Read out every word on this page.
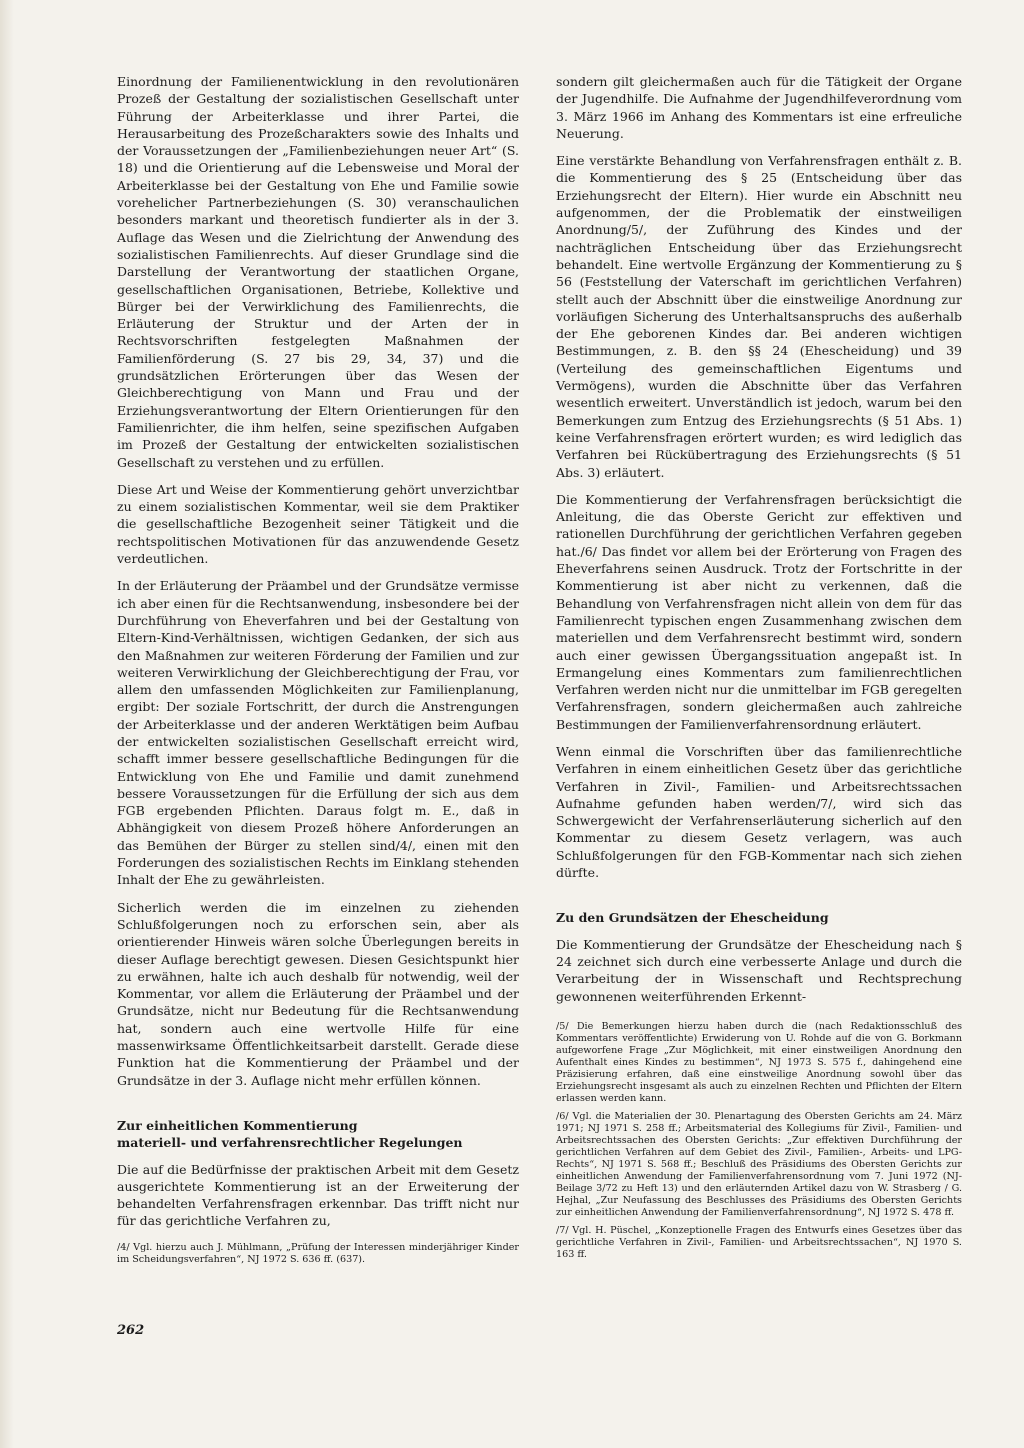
Einordnung der Familienentwicklung in den revolutionären Prozeß der Gestaltung der sozialistischen Gesellschaft unter Führung der Arbeiterklasse und ihrer Partei, die Herausarbeitung des Prozeßcharakters sowie des Inhalts und der Voraussetzungen der „Familienbeziehungen neuer Art“ (S. 18) und die Orientierung auf die Lebensweise und Moral der Arbeiterklasse bei der Gestaltung von Ehe und Familie sowie vorehelicher Partnerbeziehungen (S. 30) veranschaulichen besonders markant und theoretisch fundierter als in der 3. Auflage das Wesen und die Zielrichtung der Anwendung des sozialistischen Familienrechts. Auf dieser Grundlage sind die Darstellung der Verantwortung der staatlichen Organe, gesellschaftlichen Organisationen, Betriebe, Kollektive und Bürger bei der Verwirklichung des Familienrechts, die Erläuterung der Struktur und der Arten der in Rechtsvorschriften festgelegten Maßnahmen der Familienförderung (S. 27 bis 29, 34, 37) und die grundsätzlichen Erörterungen über das Wesen der Gleichberechtigung von Mann und Frau und der Erziehungsverantwortung der Eltern Orientierungen für den Familienrichter, die ihm helfen, seine spezifischen Aufgaben im Prozeß der Gestaltung der entwickelten sozialistischen Gesellschaft zu verstehen und zu erfüllen.

Diese Art und Weise der Kommentierung gehört unverzichtbar zu einem sozialistischen Kommentar, weil sie dem Praktiker die gesellschaftliche Bezogenheit seiner Tätigkeit und die rechtspolitischen Motivationen für das anzuwendende Gesetz verdeutlichen.

In der Erläuterung der Präambel und der Grundsätze vermisse ich aber einen für die Rechtsanwendung, insbesondere bei der Durchführung von Eheverfahren und bei der Gestaltung von Eltern-Kind-Verhältnissen, wichtigen Gedanken, der sich aus den Maßnahmen zur weiteren Förderung der Familien und zur weiteren Verwirklichung der Gleichberechtigung der Frau, vor allem den umfassenden Möglichkeiten zur Familienplanung, ergibt: Der soziale Fortschritt, der durch die Anstrengungen der Arbeiterklasse und der anderen Werktätigen beim Aufbau der entwickelten sozialistischen Gesellschaft erreicht wird, schafft immer bessere gesellschaftliche Bedingungen für die Entwicklung von Ehe und Familie und damit zunehmend bessere Voraussetzungen für die Erfüllung der sich aus dem FGB ergebenden Pflichten. Daraus folgt m. E., daß in Abhängigkeit von diesem Prozeß höhere Anforderungen an das Bemühen der Bürger zu stellen sind/4/, einen mit den Forderungen des sozialistischen Rechts im Einklang stehenden Inhalt der Ehe zu gewährleisten.

Sicherlich werden die im einzelnen zu ziehenden Schlußfolgerungen noch zu erforschen sein, aber als orientierender Hinweis wären solche Überlegungen bereits in dieser Auflage berechtigt gewesen. Diesen Gesichtspunkt hier zu erwähnen, halte ich auch deshalb für notwendig, weil der Kommentar, vor allem die Erläuterung der Präambel und der Grundsätze, nicht nur Bedeutung für die Rechtsanwendung hat, sondern auch eine wertvolle Hilfe für eine massenwirksame Öffentlichkeitsarbeit darstellt. Gerade diese Funktion hat die Kommentierung der Präambel und der Grundsätze in der 3. Auflage nicht mehr erfüllen können.

Zur einheitlichen Kommentierung
materiell- und verfahrensrechtlicher Regelungen

Die auf die Bedürfnisse der praktischen Arbeit mit dem Gesetz ausgerichtete Kommentierung ist an der Erweiterung der behandelten Verfahrensfragen erkennbar. Das trifft nicht nur für das gerichtliche Verfahren zu,

/4/ Vgl. hierzu auch J. Mühlmann, „Prüfung der Interessen minderjähriger Kinder im Scheidungsverfahren“, NJ 1972 S. 636 ff. (637).

sondern gilt gleichermaßen auch für die Tätigkeit der Organe der Jugendhilfe. Die Aufnahme der Jugendhilfeverordnung vom 3. März 1966 im Anhang des Kommentars ist eine erfreuliche Neuerung.

Eine verstärkte Behandlung von Verfahrensfragen enthält z. B. die Kommentierung des § 25 (Entscheidung über das Erziehungsrecht der Eltern). Hier wurde ein Abschnitt neu aufgenommen, der die Problematik der einstweiligen Anordnung/5/, der Zuführung des Kindes und der nachträglichen Entscheidung über das Erziehungsrecht behandelt. Eine wertvolle Ergänzung der Kommentierung zu § 56 (Feststellung der Vaterschaft im gerichtlichen Verfahren) stellt auch der Abschnitt über die einstweilige Anordnung zur vorläufigen Sicherung des Unterhaltsanspruchs des außerhalb der Ehe geborenen Kindes dar. Bei anderen wichtigen Bestimmungen, z. B. den §§ 24 (Ehescheidung) und 39 (Verteilung des gemeinschaftlichen Eigentums und Vermögens), wurden die Abschnitte über das Verfahren wesentlich erweitert. Unverständlich ist jedoch, warum bei den Bemerkungen zum Entzug des Erziehungsrechts (§ 51 Abs. 1) keine Verfahrensfragen erörtert wurden; es wird lediglich das Verfahren bei Rückübertragung des Erziehungsrechts (§ 51 Abs. 3) erläutert.

Die Kommentierung der Verfahrensfragen berücksichtigt die Anleitung, die das Oberste Gericht zur effektiven und rationellen Durchführung der gerichtlichen Verfahren gegeben hat./6/ Das findet vor allem bei der Erörterung von Fragen des Eheverfahrens seinen Ausdruck. Trotz der Fortschritte in der Kommentierung ist aber nicht zu verkennen, daß die Behandlung von Verfahrensfragen nicht allein von dem für das Familienrecht typischen engen Zusammenhang zwischen dem materiellen und dem Verfahrensrecht bestimmt wird, sondern auch einer gewissen Übergangssituation angepaßt ist. In Ermangelung eines Kommentars zum familienrechtlichen Verfahren werden nicht nur die unmittelbar im FGB geregelten Verfahrensfragen, sondern gleichermaßen auch zahlreiche Bestimmungen der Familienverfahrensordnung erläutert.

Wenn einmal die Vorschriften über das familienrechtliche Verfahren in einem einheitlichen Gesetz über das gerichtliche Verfahren in Zivil-, Familien- und Arbeitsrechtssachen Aufnahme gefunden haben werden/7/, wird sich das Schwergewicht der Verfahrenserläuterung sicherlich auf den Kommentar zu diesem Gesetz verlagern, was auch Schlußfolgerungen für den FGB-Kommentar nach sich ziehen dürfte.

Zu den Grundsätzen der Ehescheidung

Die Kommentierung der Grundsätze der Ehescheidung nach § 24 zeichnet sich durch eine verbesserte Anlage und durch die Verarbeitung der in Wissenschaft und Rechtsprechung gewonnenen weiterführenden Erkennt-

/5/ Die Bemerkungen hierzu haben durch die (nach Redaktionsschluß des Kommentars veröffentlichte) Erwiderung von U. Rohde auf die von G. Borkmann aufgeworfene Frage „Zur Möglichkeit, mit einer einstweiligen Anordnung den Aufenthalt eines Kindes zu bestimmen“, NJ 1973 S. 575 f., dahingehend eine Präzisierung erfahren, daß eine einstweilige Anordnung sowohl über das Erziehungsrecht insgesamt als auch zu einzelnen Rechten und Pflichten der Eltern erlassen werden kann.

/6/ Vgl. die Materialien der 30. Plenartagung des Obersten Gerichts am 24. März 1971; NJ 1971 S. 258 ff.; Arbeitsmaterial des Kollegiums für Zivil-, Familien- und Arbeitsrechtssachen des Obersten Gerichts: „Zur effektiven Durchführung der gerichtlichen Verfahren auf dem Gebiet des Zivil-, Familien-, Arbeits- und LPG-Rechts“, NJ 1971 S. 568 ff.; Beschluß des Präsidiums des Obersten Gerichts zur einheitlichen Anwendung der Familienverfahrensordnung vom 7. Juni 1972 (NJ-Beilage 3/72 zu Heft 13) und den erläuternden Artikel dazu von W. Strasberg / G. Hejhal, „Zur Neufassung des Beschlusses des Präsidiums des Obersten Gerichts zur einheitlichen Anwendung der Familienverfahrensordnung“, NJ 1972 S. 478 ff.

/7/ Vgl. H. Püschel, „Konzeptionelle Fragen des Entwurfs eines Gesetzes über das gerichtliche Verfahren in Zivil-, Familien- und Arbeitsrechtssachen“, NJ 1970 S. 163 ff.

262
